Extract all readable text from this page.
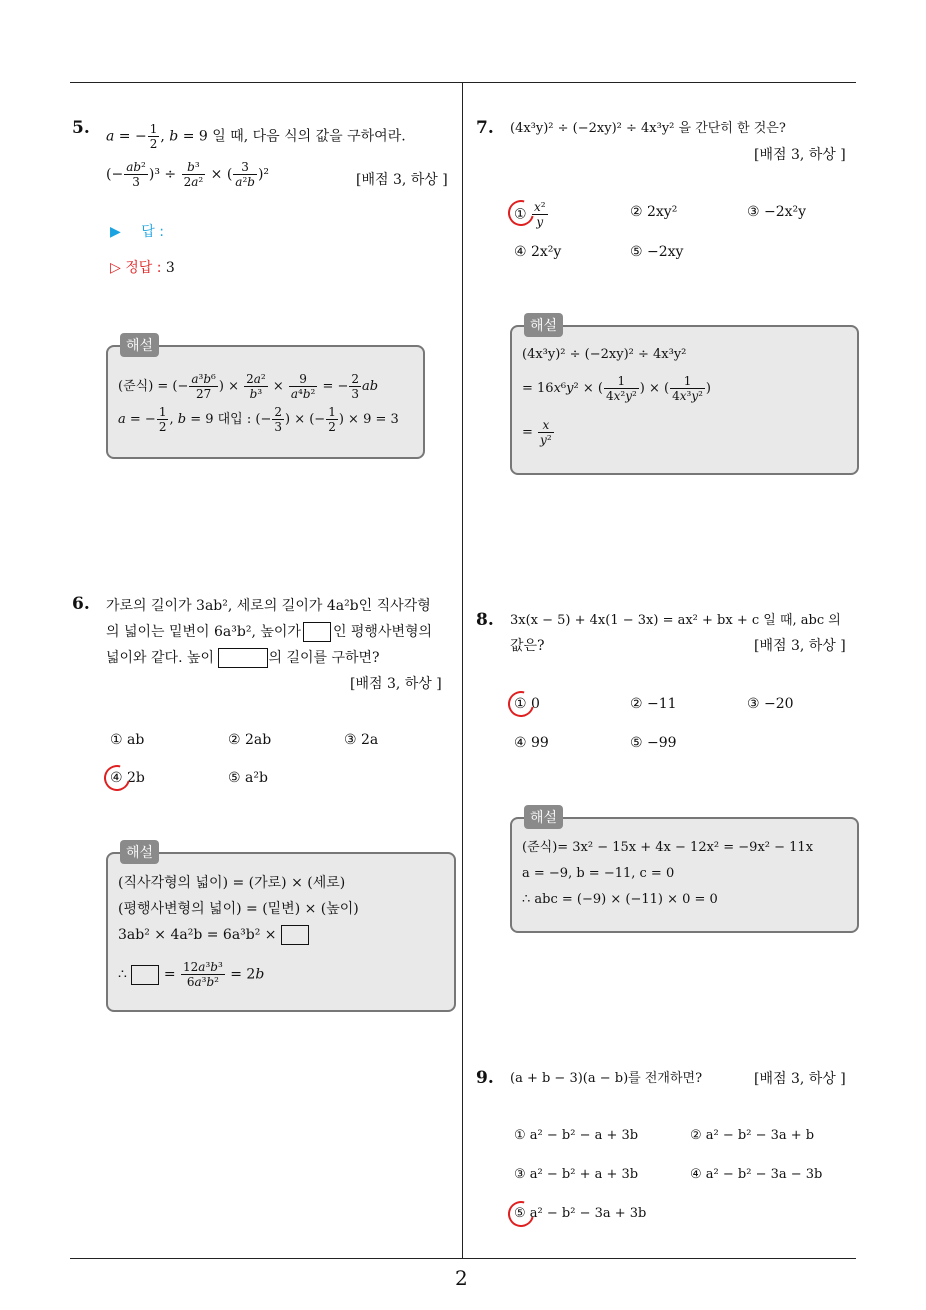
2
5. a = − $\frac{1}{2}$ , b = 9 일 때, 다음 식의 값을 구하여라.
(− $\frac{\text{ab²}}{3} )^3 \div \frac{\text{b³}}{\text{2a²}}$ × ( $\frac{3}{\text{a²b}} )^2$	[배점 3, 하상 ]
▶ 답 :
▷ 정답 : 3
해설
(준식) = (− $\frac{\text{a³b⁶}}{27}$ ) × $\frac{\text{2a²}}{\text{b³}} \times \frac{9}{\text{a⁴b²}}$ = − $\frac{2}{3}$ ab
a = − $\frac{1}{2}$ , b = 9 대입 : (− $\frac{2}{3}$ ) × (− $\frac{1}{2}$ ) × 9 = 3
6. 가로의 길이가 3ab², 세로의 길이가 4a²b인 직사각형
의 넓이는 밑변이 6a³b², 높이가 인 평행사변형의
넓이와 같다. 높이	의 길이를 구하면?
[배점 3, 하상 ]
① ab	② 2ab	③ 2a
④ 2b	⑤ a²b
해설
(직사각형의 넓이) = (가로) × (세로)
(평행사변형의 넓이) = (밑변) × (높이)
3ab² × 4a²b = 6a³b² ×
∴  = $\frac{\text{12a³b³}}{\text{6a³b²}} = 2b$
7. (4x³y)² ÷ (−2xy)² ÷ 4x³y² 을 간단히 한 것은?
[배점 3, 하상 ]
① $\frac{\text{x²}}{y}$	② 2xy²	③ −2x²y
④ 2x²y	⑤ −2xy
해설
(4x³y)² ÷ (−2xy)² ÷ 4x³y²
= 16x⁶y² × ( $\frac{1}{\text{4x²y²}}$ ) × ( $\frac{1}{\text{4x³y²}}$ )
= $\frac{x}{\text{y²}}$
8. 3x(x − 5) + 4x(1 − 3x) = ax² + bx + c 일 때, abc 의
값은?	[배점 3, 하상 ]
① 0	② −11	③ −20
④ 99	⑤ −99
해설
(준식)= 3x² − 15x + 4x − 12x² = −9x² − 11x
a = −9, b = −11, c = 0
∴ abc = (−9) × (−11) × 0 = 0
9. (a + b − 3)(a − b)를 전개하면?	[배점 3, 하상 ]
① a² − b² − a + 3b	② a² − b² − 3a + b
③ a² − b² + a + 3b	④ a² − b² − 3a − 3b
⑤ a² − b² − 3a + 3b
